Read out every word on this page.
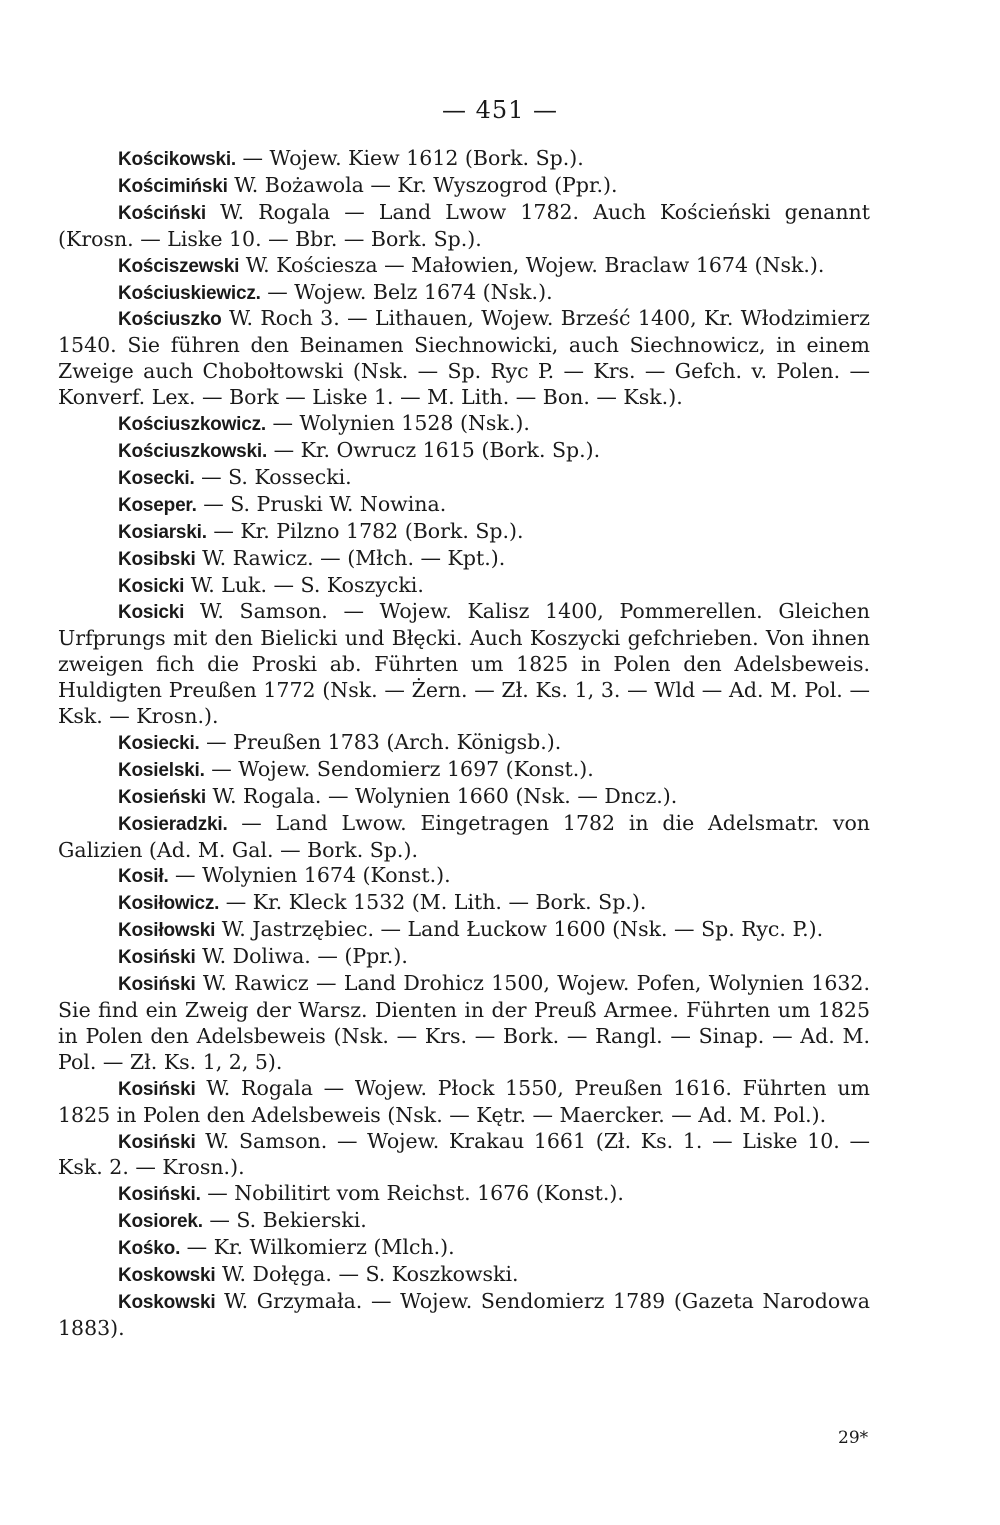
— 451 —

Kościkowski. — Wojew. Kiew 1612 (Bork. Sp.).

Kościmiński W. Bożawola — Kr. Wyszogrod (Ppr.).

Kościński W. Rogala — Land Lwow 1782. Auch Kościeński genannt (Krosn. — Liske 10. — Bbr. — Bork. Sp.).

Kościszewski W. Kościesza — Małowien, Wojew. Braclaw 1674 (Nsk.).

Kościuskiewicz. — Wojew. Belz 1674 (Nsk.).

Kościuszko W. Roch 3. — Lithauen, Wojew. Brześć 1400, Kr. Włodzimierz 1540. Sie führen den Beinamen Siechnowicki, auch Siechnowicz, in einem Zweige auch Chobołtowski (Nsk. — Sp. Ryc P. — Krs. — Gefch. v. Polen. — Konverf. Lex. — Bork — Liske 1. — M. Lith. — Bon. — Ksk.).

Kościuszkowicz. — Wolynien 1528 (Nsk.).

Kościuszkowski. — Kr. Owrucz 1615 (Bork. Sp.).

Kosecki. — S. Kossecki.

Koseper. — S. Pruski W. Nowina.

Kosiarski. — Kr. Pilzno 1782 (Bork. Sp.).

Kosibski W. Rawicz. — (Młch. — Kpt.).

Kosicki W. Luk. — S. Koszycki.

Kosicki W. Samson. — Wojew. Kalisz 1400, Pommerellen. Gleichen Urfprungs mit den Bielicki und Błęcki. Auch Koszycki gefchrieben. Von ihnen zweigen fich die Proski ab. Führten um 1825 in Polen den Adelsbeweis. Huldigten Preußen 1772 (Nsk. — Żern. — Zł. Ks. 1, 3. — Wld — Ad. M. Pol. — Ksk. — Krosn.).

Kosiecki. — Preußen 1783 (Arch. Königsb.).

Kosielski. — Wojew. Sendomierz 1697 (Konst.).

Kosieński W. Rogala. — Wolynien 1660 (Nsk. — Dncz.).

Kosieradzki. — Land Lwow. Eingetragen 1782 in die Adelsmatr. von Galizien (Ad. M. Gal. — Bork. Sp.).

Kosił. — Wolynien 1674 (Konst.).

Kosiłowicz. — Kr. Kleck 1532 (M. Lith. — Bork. Sp.).

Kosiłowski W. Jastrzębiec. — Land Łuckow 1600 (Nsk. — Sp. Ryc. P.).

Kosiński W. Doliwa. — (Ppr.).

Kosiński W. Rawicz — Land Drohicz 1500, Wojew. Pofen, Wolynien 1632. Sie find ein Zweig der Warsz. Dienten in der Preuß Armee. Führten um 1825 in Polen den Adelsbeweis (Nsk. — Krs. — Bork. — Rangl. — Sinap. — Ad. M. Pol. — Zł. Ks. 1, 2, 5).

Kosiński W. Rogala — Wojew. Płock 1550, Preußen 1616. Führten um 1825 in Polen den Adelsbeweis (Nsk. — Kętr. — Maercker. — Ad. M. Pol.).

Kosiński W. Samson. — Wojew. Krakau 1661 (Zł. Ks. 1. — Liske 10. — Ksk. 2. — Krosn.).

Kosiński. — Nobilitirt vom Reichst. 1676 (Konst.).

Kosiorek. — S. Bekierski.

Kośko. — Kr. Wilkomierz (Mlch.).

Koskowski W. Dołęga. — S. Koszkowski.

Koskowski W. Grzymała. — Wojew. Sendomierz 1789 (Gazeta Narodowa 1883).

29*
